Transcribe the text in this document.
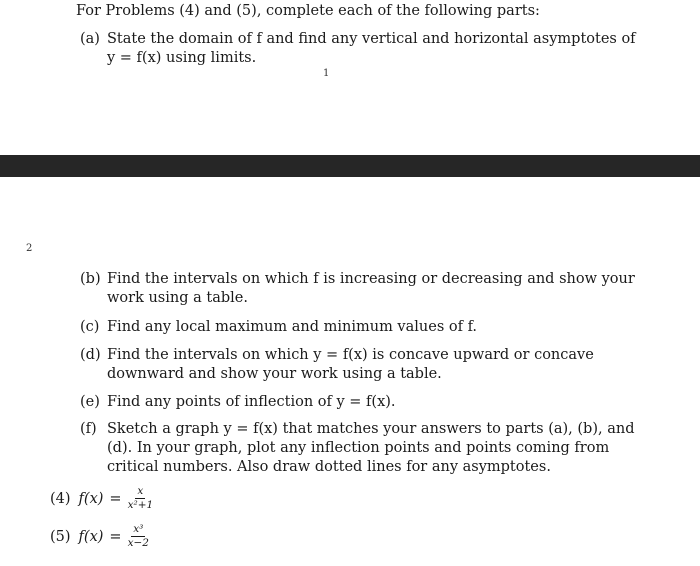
For Problems (4) and (5), complete each of the following parts:
(a) State the domain of f and find any vertical and horizontal asymptotes of y = f(x) using limits.
1
2
(b) Find the intervals on which f is increasing or decreasing and show your work using a table.
(c) Find any local maximum and minimum values of f.
(d) Find the intervals on which y = f(x) is concave upward or concave downward and show your work using a table.
(e) Find any points of inflection of y = f(x).
(f) Sketch a graph y = f(x) that matches your answers to parts (a), (b), and (d). In your graph, plot any inflection points and points coming from critical numbers. Also draw dotted lines for any asymptotes.
(4) $f(x) = \frac{x}{\text{x²+1}}$
(5) $f(x) = \frac{\text{x³}}{x-2}$
